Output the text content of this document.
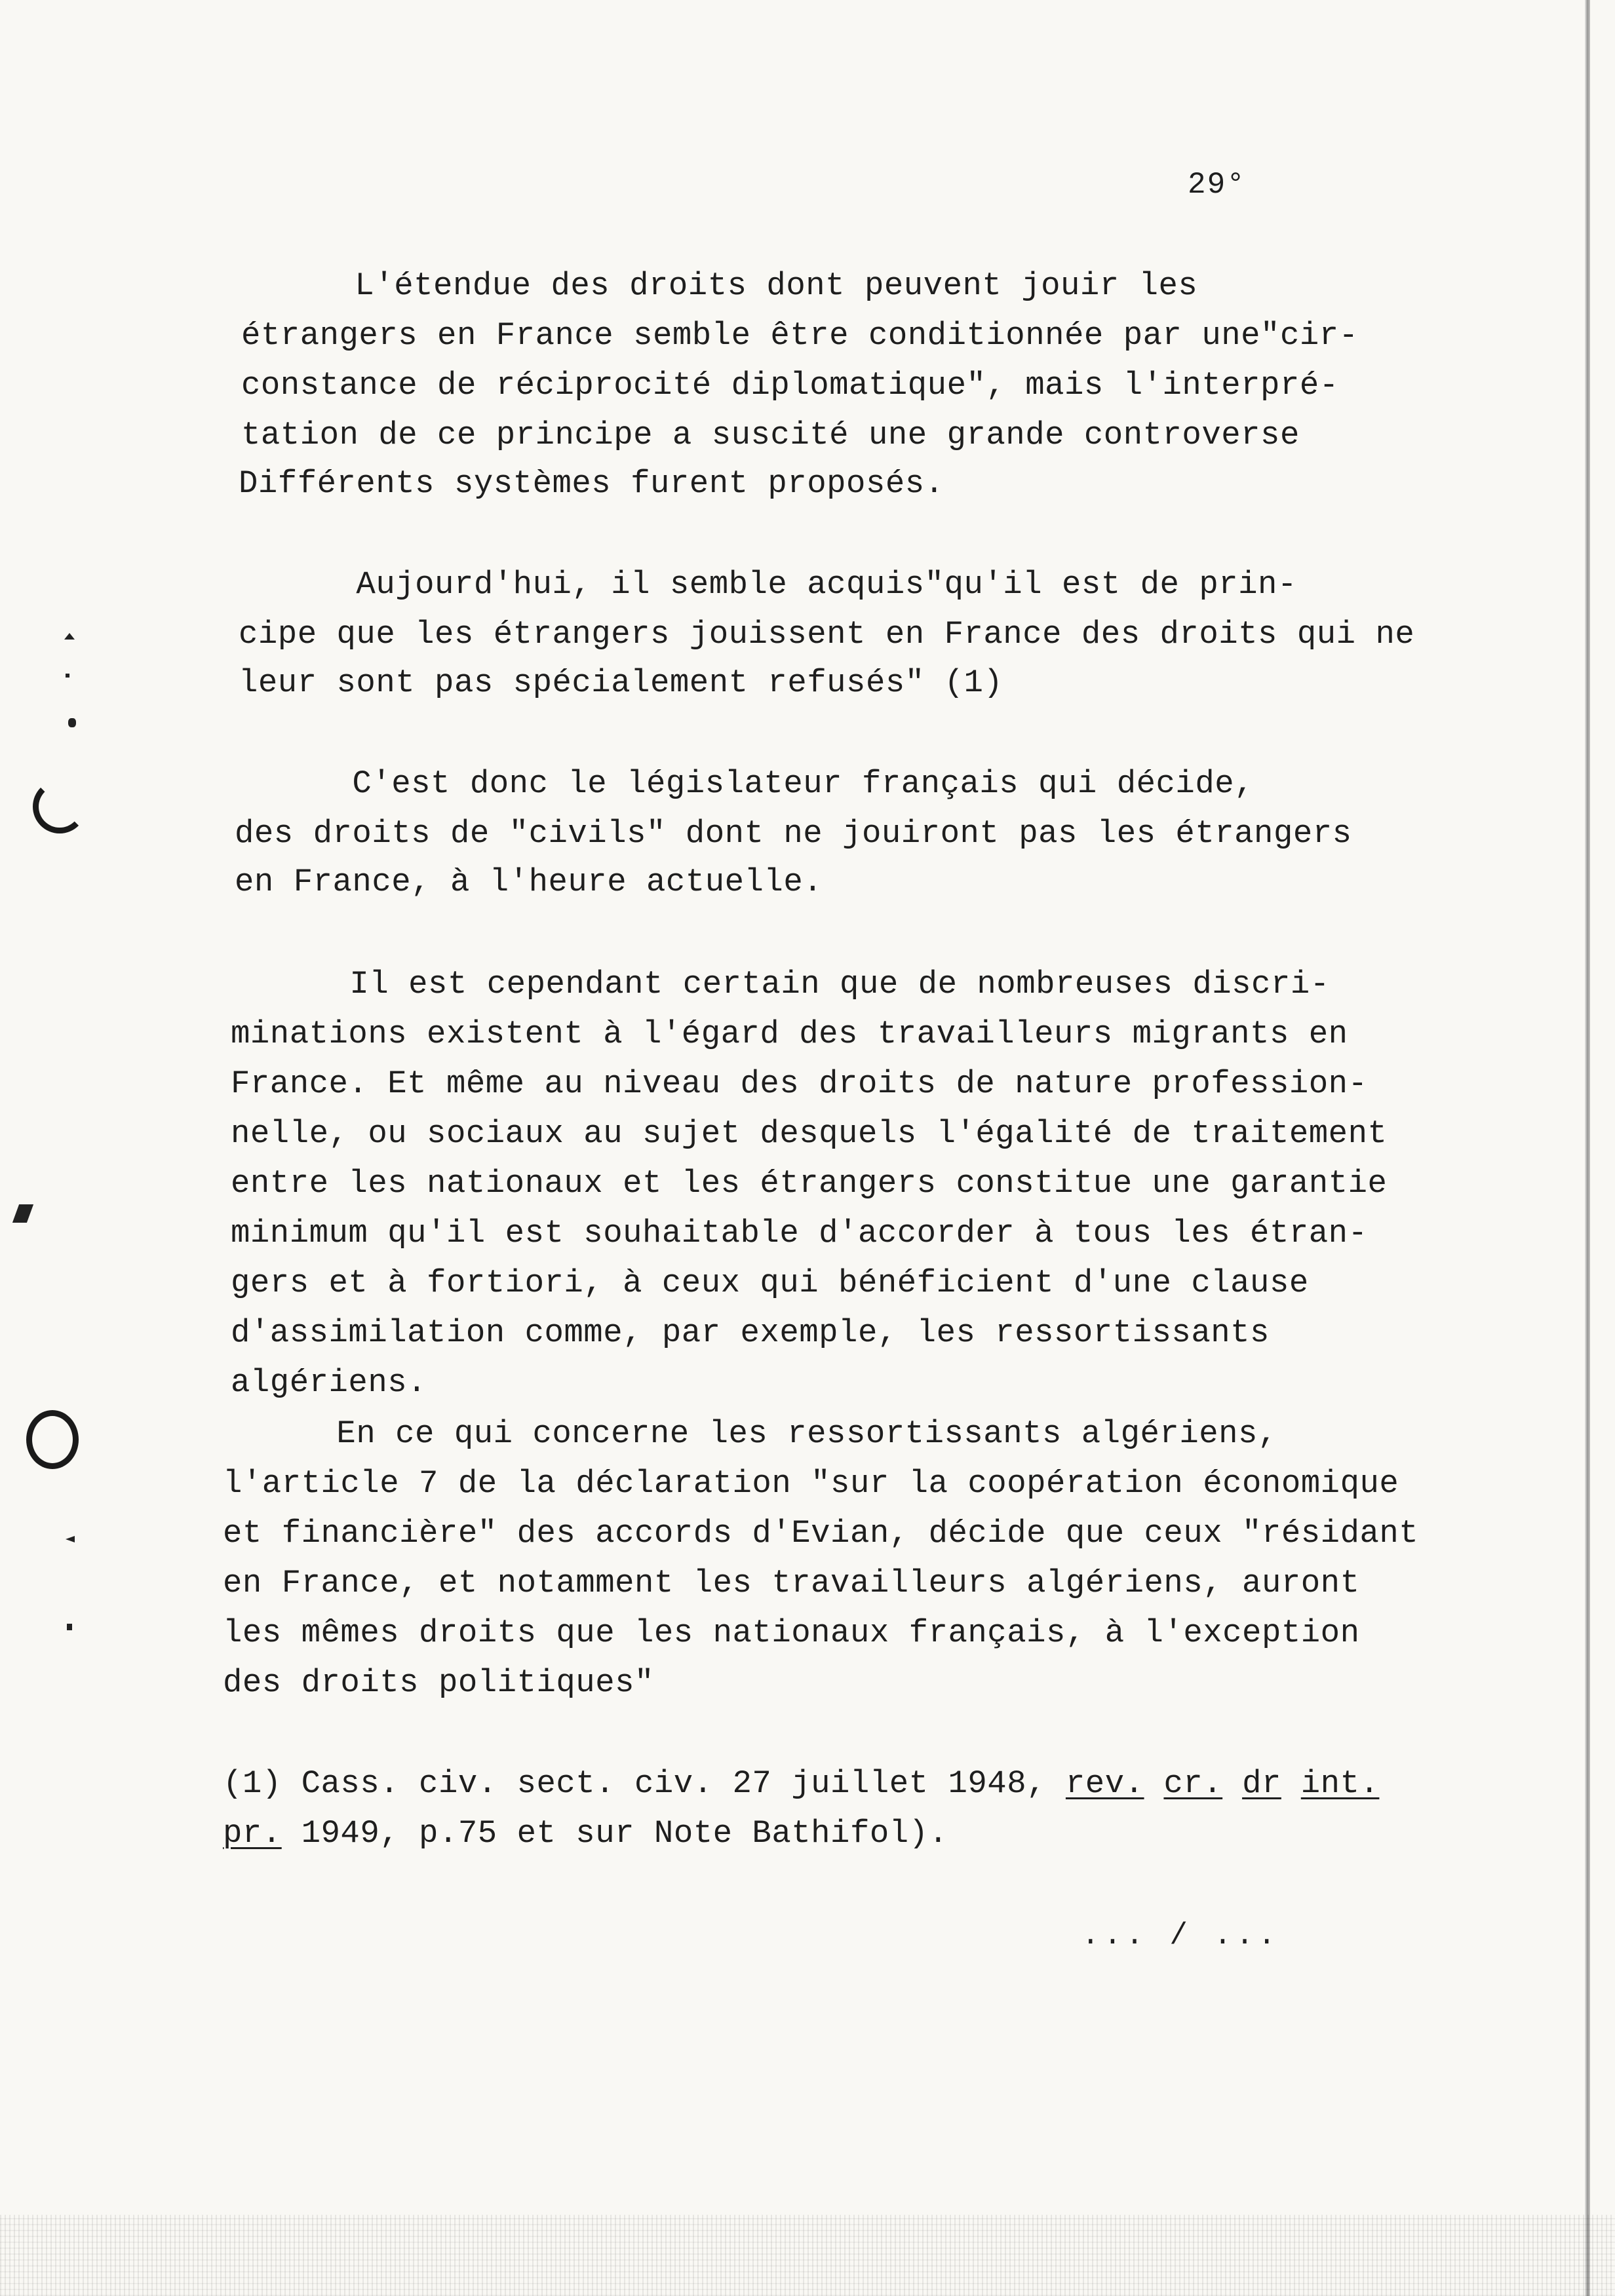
29°
L'étendue des droits dont peuvent jouir les
étrangers en France semble être conditionnée par une"cir-
constance de réciprocité diplomatique", mais l'interpré-
tation de ce principe a suscité une grande controverse
Différents systèmes furent proposés.
Aujourd'hui, il semble acquis"qu'il est de prin-
cipe que les étrangers jouissent en France des droits qui ne
leur sont pas spécialement refusés" (1)
C'est donc le législateur français qui décide,
des droits de "civils" dont ne jouiront pas les étrangers
en France, à l'heure actuelle.
Il est cependant certain que de nombreuses discri-
minations existent à l'égard des travailleurs migrants en
France. Et même au niveau des droits de nature profession-
nelle, ou sociaux au sujet desquels l'égalité de traitement
entre les nationaux et les étrangers constitue une garantie
minimum qu'il est souhaitable d'accorder à tous les étran-
gers et à fortiori, à ceux qui bénéficient d'une clause
d'assimilation comme, par exemple, les ressortissants
algériens.
En ce qui concerne les ressortissants algériens,
l'article 7 de la déclaration "sur la coopération économique
et financière" des accords d'Evian, décide que ceux "résidant
en France, et notamment les travailleurs algériens, auront
les mêmes droits que les nationaux français, à l'exception
des droits politiques"
(1) Cass. civ. sect. civ. 27 juillet 1948, rev. cr. dr int.
pr. 1949, p.75 et sur Note Bathifol).
... / ...
